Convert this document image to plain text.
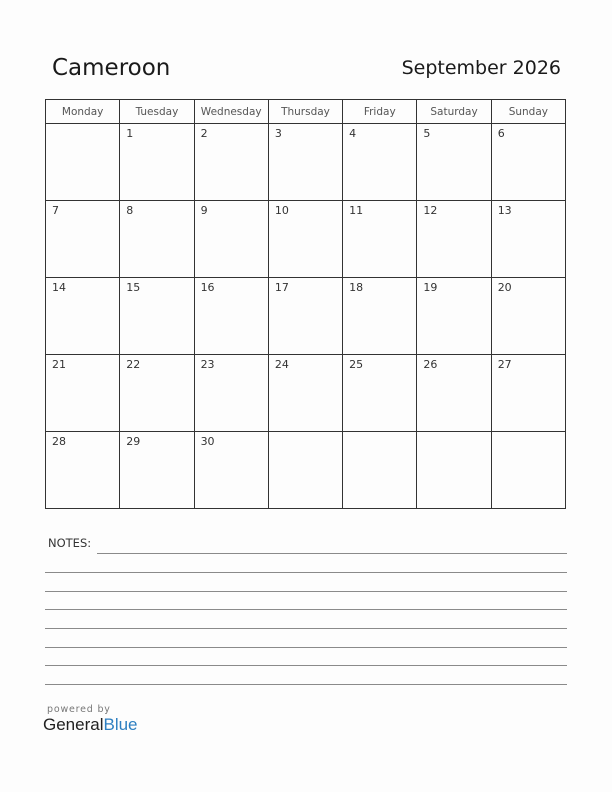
Cameroon	September 2026
Monday	Tuesday	Wednesday	Thursday	Friday	Saturday	Sunday

	1	2	3	4	5	6

7	8	9	10	11	12	13

14	15	16	17	18	19	20

21	22	23	24	25	26	27

28	29	30				

NOTES:
powered by
GeneralBlue
